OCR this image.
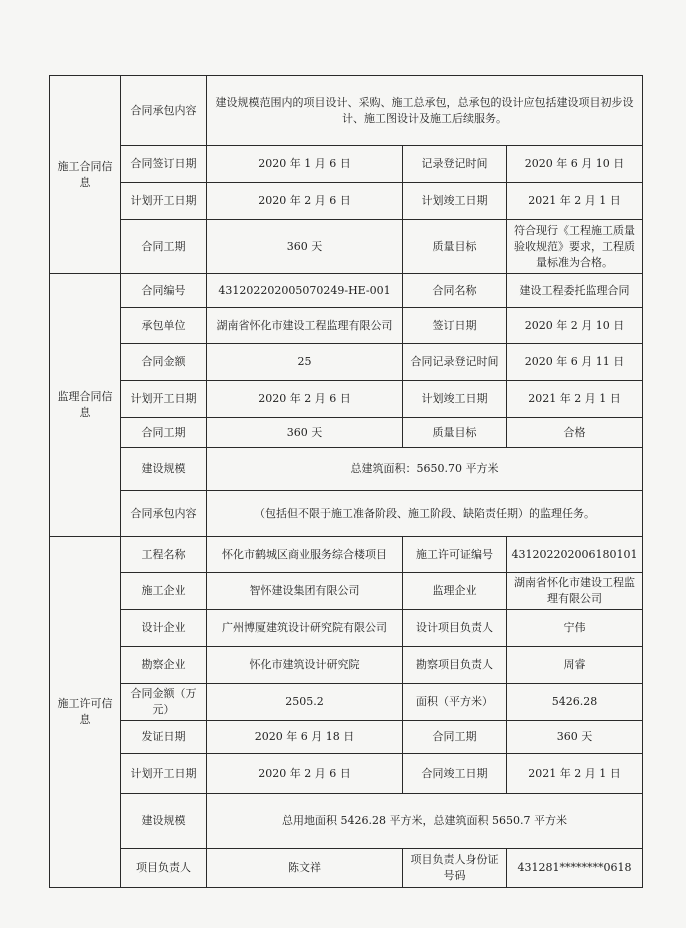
施工合同信息	合同承包内容	建设规模范围内的项目设计、采购、施工总承包，总承包的设计应包括建设项目初步设计、施工图设计及施工后续服务。		
	合同签订日期	2020 年 1 月 6 日	记录登记时间	2020 年 6 月 10 日
	计划开工日期	2020 年 2 月 6 日	计划竣工日期	2021 年 2 月 1 日
	合同工期	360 天	质量目标	符合现行《工程施工质量验收规范》要求，工程质量标准为合格。
监理合同信息	合同编号	431202202005070249-HE-001	合同名称	建设工程委托监理合同
	承包单位	湖南省怀化市建设工程监理有限公司	签订日期	2020 年 2 月 10 日
	合同金额	25	合同记录登记时间	2020 年 6 月 11 日
	计划开工日期	2020 年 2 月 6 日	计划竣工日期	2021 年 2 月 1 日
	合同工期	360 天	质量目标	合格
	建设规模	总建筑面积：5650.70 平方米		
	合同承包内容	（包括但不限于施工准备阶段、施工阶段、缺陷责任期）的监理任务。		

施工许可信息	工程名称	怀化市鹤城区商业服务综合楼项目	施工许可证编号	431202202006180101
	施工企业	智怀建设集团有限公司	监理企业	湖南省怀化市建设工程监理有限公司
	设计企业	广州博厦建筑设计研究院有限公司	设计项目负责人	宁伟
	勘察企业	怀化市建筑设计研究院	勘察项目负责人	周睿
	合同金额（万元）	2505.2	面积（平方米）	5426.28
	发证日期	2020 年 6 月 18 日	合同工期	360 天
	计划开工日期	2020 年 2 月 6 日	合同竣工日期	2021 年 2 月 1 日
	建设规模	总用地面积 5426.28 平方米，总建筑面积 5650.7 平方米		
	项目负责人	陈文祥	项目负责人身份证号码	431281********0618
